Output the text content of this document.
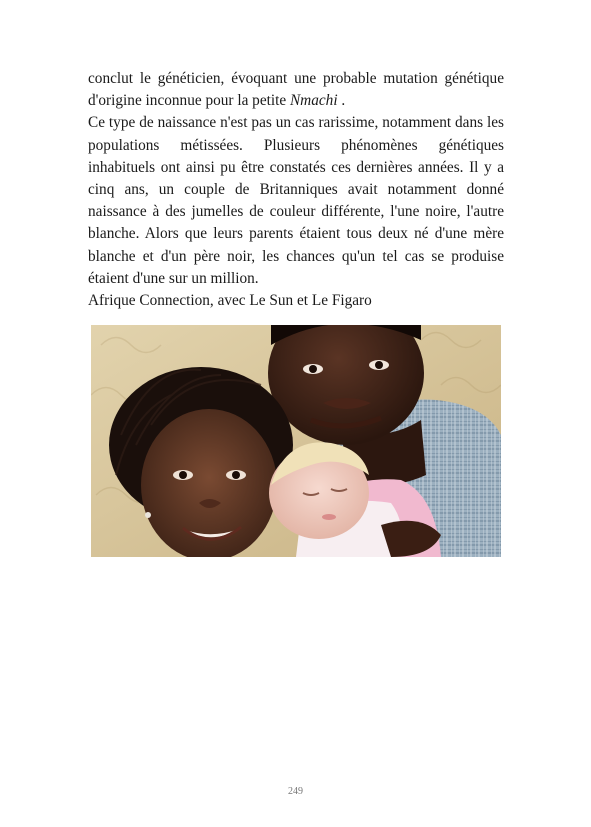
conclut le généticien, évoquant une probable mutation génétique d'origine inconnue pour la petite Nmachi .

Ce type de naissance n'est pas un cas rarissime, notamment dans les populations métissées. Plusieurs phénomènes génétiques inhabituels ont ainsi pu être constatés ces dernières années. Il y a cinq ans, un couple de Britanniques avait notamment donné naissance à des jumelles de couleur différente, l'une noire, l'autre blanche. Alors que leurs parents étaient tous deux né d'une mère blanche et d'un père noir, les chances qu'un tel cas se produise étaient d'une sur un million.

Afrique Connection, avec Le Sun et Le Figaro

249
